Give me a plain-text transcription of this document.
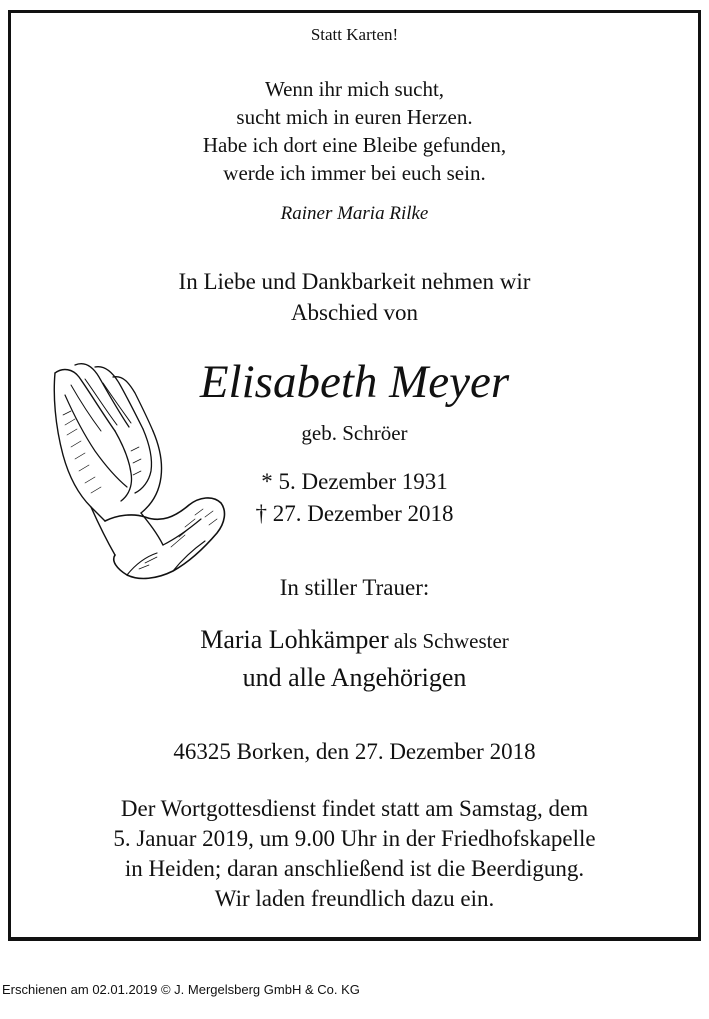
Statt Karten!
Wenn ihr mich sucht,
sucht mich in euren Herzen.
Habe ich dort eine Bleibe gefunden,
werde ich immer bei euch sein.
Rainer Maria Rilke
In Liebe und Dankbarkeit nehmen wir
Abschied von
Elisabeth Meyer
geb. Schröer
* 5. Dezember 1931
† 27. Dezember 2018
In stiller Trauer:
Maria Lohkämper als Schwester
und alle Angehörigen
46325 Borken, den 27. Dezember 2018
Der Wortgottesdienst findet statt am Samstag, dem
5. Januar 2019, um 9.00 Uhr in der Friedhofskapelle
in Heiden; daran anschließend ist die Beerdigung.
Wir laden freundlich dazu ein.
Erschienen am 02.01.2019 © J. Mergelsberg GmbH & Co. KG
